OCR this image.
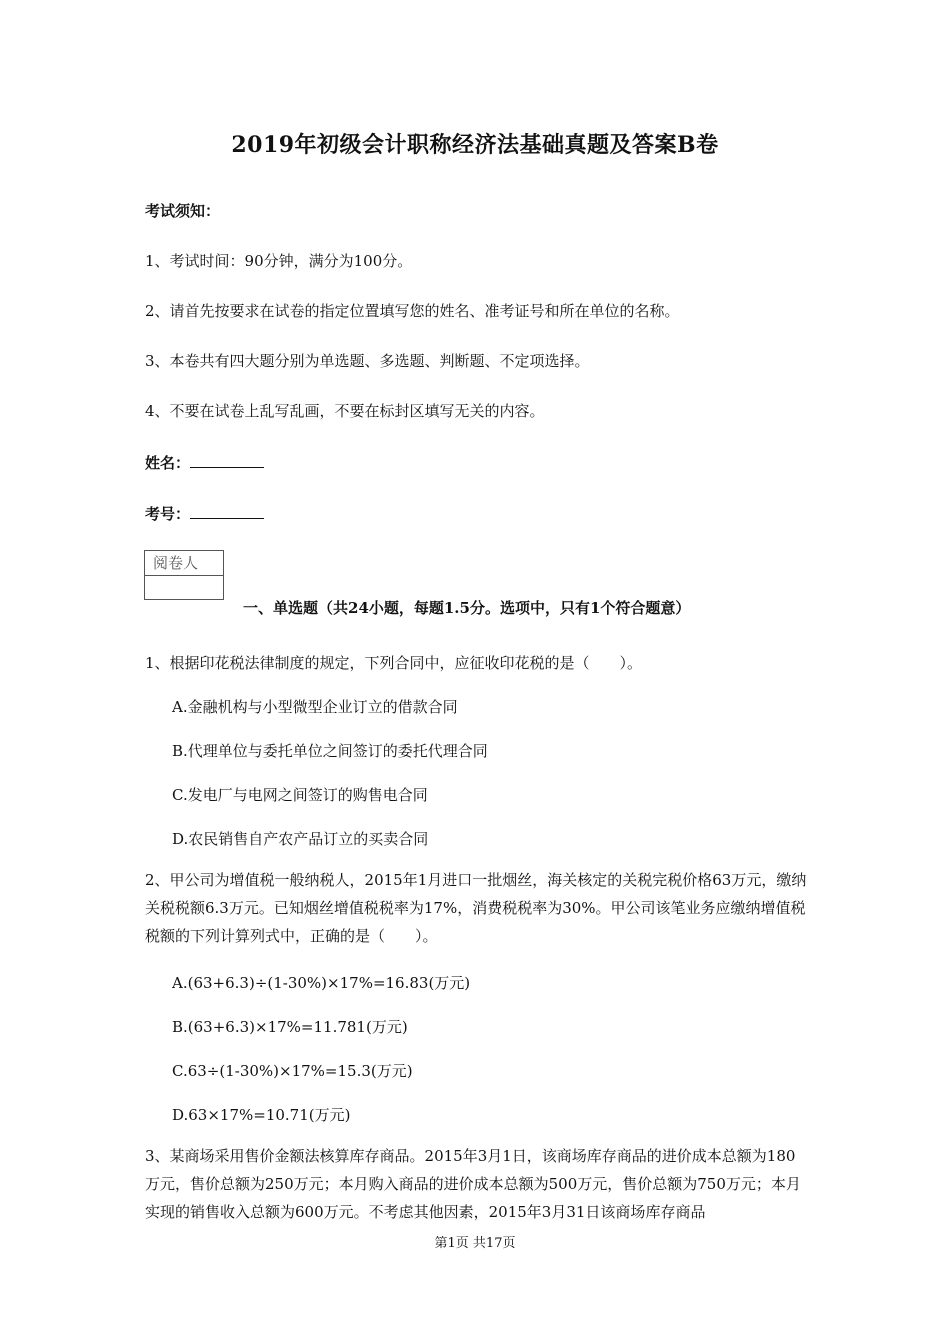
2019年初级会计职称经济法基础真题及答案B卷
考试须知：
1、考试时间：90分钟，满分为100分。
2、请首先按要求在试卷的指定位置填写您的姓名、准考证号和所在单位的名称。
3、本卷共有四大题分别为单选题、多选题、判断题、不定项选择。
4、不要在试卷上乱写乱画，不要在标封区填写无关的内容。
姓名：
考号：
阅卷人
一、单选题（共24小题，每题1.5分。选项中，只有1个符合题意）
1、根据印花税法律制度的规定，下列合同中，应征收印花税的是（　　）。
A.金融机构与小型微型企业订立的借款合同
B.代理单位与委托单位之间签订的委托代理合同
C.发电厂与电网之间签订的购售电合同
D.农民销售自产农产品订立的买卖合同
2、甲公司为增值税一般纳税人，2015年1月进口一批烟丝，海关核定的关税完税价格63万元，缴纳关税税额6.3万元。已知烟丝增值税税率为17%，消费税税率为30%。甲公司该笔业务应缴纳增值税税额的下列计算列式中，正确的是（　　）。
A.(63+6.3)÷(1-30%)×17%=16.83(万元)
B.(63+6.3)×17%=11.781(万元)
C.63÷(1-30%)×17%=15.3(万元)
D.63×17%=10.71(万元)
3、某商场采用售价金额法核算库存商品。2015年3月1日，该商场库存商品的进价成本总额为180万元，售价总额为250万元；本月购入商品的进价成本总额为500万元，售价总额为750万元；本月实现的销售收入总额为600万元。不考虑其他因素，2015年3月31日该商场库存商品
第1页 共17页
